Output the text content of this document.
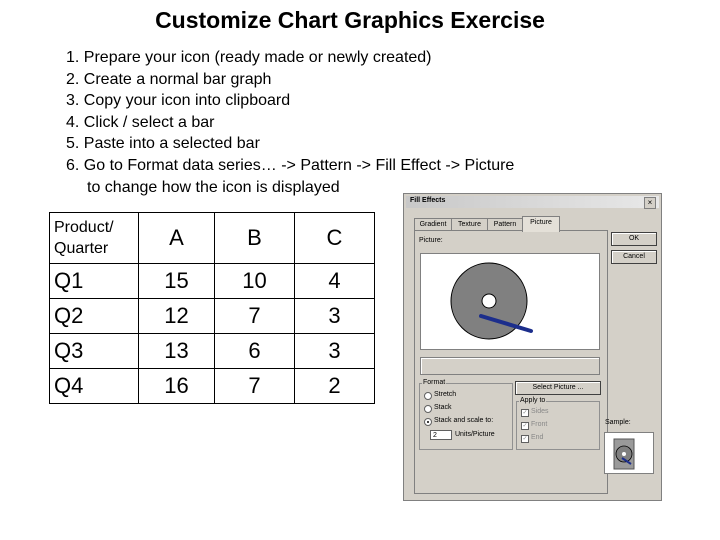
Customize Chart Graphics Exercise
1. Prepare your icon (ready made or newly created)
2. Create a normal bar graph
3. Copy your icon into clipboard
4. Click / select a bar
5. Paste into a selected bar
6. Go to Format data series… -> Pattern -> Fill Effect -> Picture
to change how the icon is displayed
Product/
Quarter	A	B	C
Q1	15	10	4
Q2	12	7	3
Q3	13	6	3
Q4	16	7	2
Fill Effects	×
Gradient	Texture	Pattern	Picture
Picture:
Format
Stretch
Stack
Stack and scale to:
2	Units/Picture
Select Picture ...
Apply to
✓ Sides
✓ Front
✓ End
OK
Cancel
Sample:
